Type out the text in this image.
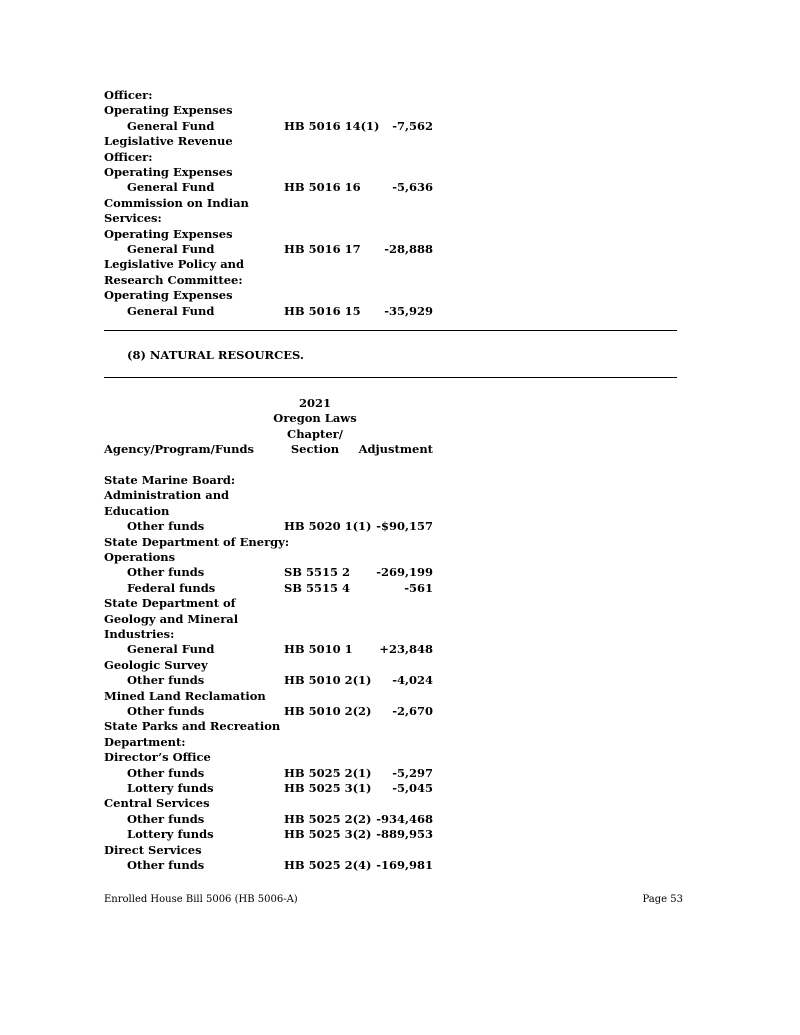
Officer:
Operating Expenses
General Fund	HB 5016 14(1)	-7,562
Legislative Revenue
Officer:
Operating Expenses
General Fund	HB 5016 16	-5,636
Commission on Indian
Services:
Operating Expenses
General Fund	HB 5016 17	-28,888
Legislative Policy and
Research Committee:
Operating Expenses
General Fund	HB 5016 15	-35,929
(8) NATURAL RESOURCES.
2021
Oregon Laws
Chapter/
Agency/Program/Funds	Section	Adjustment
State Marine Board:
Administration and
Education
Other funds	HB 5020 1(1) -$90,157
State Department of Energy:
Operations
Other funds	SB 5515 2	-269,199
Federal funds	SB 5515 4	-561
State Department of
Geology and Mineral
Industries:
General Fund	HB 5010 1	+23,848
Geologic Survey
Other funds	HB 5010 2(1)	-4,024
Mined Land Reclamation
Other funds	HB 5010 2(2)	-2,670
State Parks and Recreation
Department:
Director’s Office
Other funds	HB 5025 2(1)	-5,297
Lottery funds	HB 5025 3(1)	-5,045
Central Services
Other funds	HB 5025 2(2) -934,468
Lottery funds	HB 5025 3(2) -889,953
Direct Services
Other funds	HB 5025 2(4) -169,981
Enrolled House Bill 5006 (HB 5006-A)	Page 53
